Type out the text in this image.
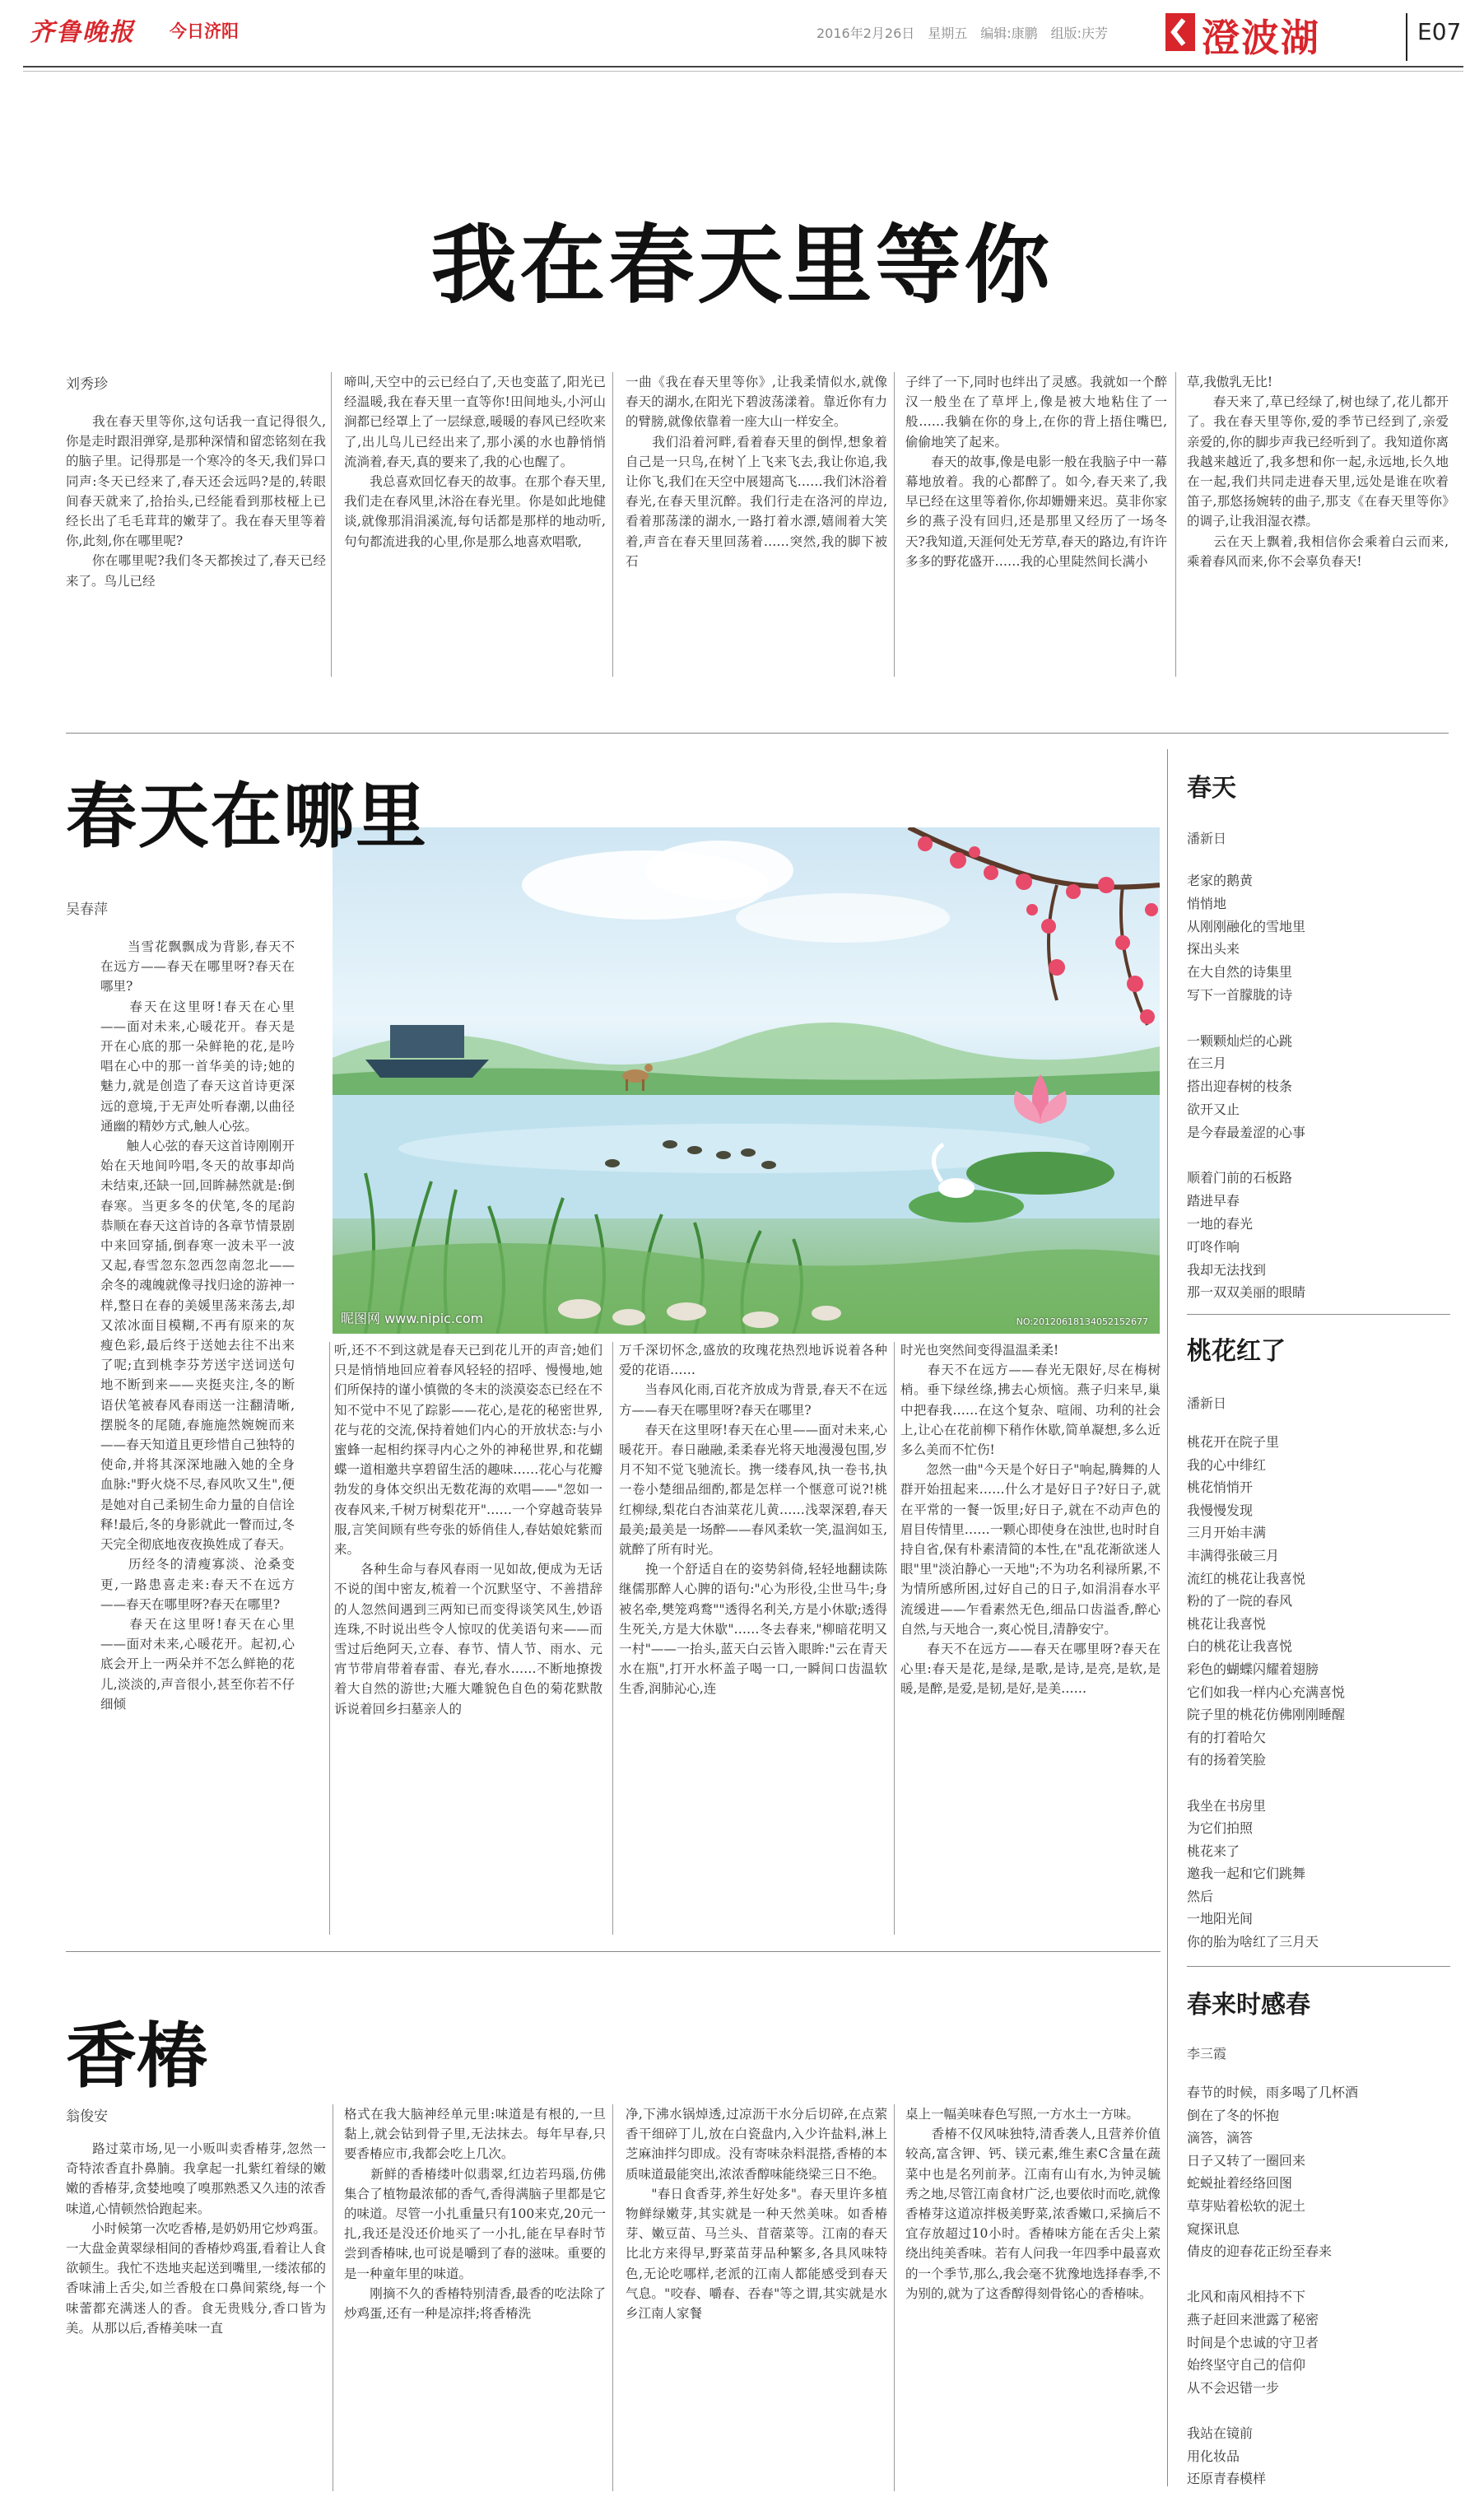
齐鲁晚报	今日济阳	2016年2月26日　星期五　编辑:康鹏　组版:庆芳 澄波湖	E07
我在春天里等你
刘秀珍
　　我在春天里等你,这句话我一直记得很久,你是走时跟泪弹穿,是那种深情和留恋铭刻在我的脑子里。记得那是一个寒冷的冬天,我们异口同声:冬天已经来了,春天还会远吗?是的,转眼间春天就来了,拾抬头,已经能看到那枝桠上已经长出了毛毛茸茸的嫩芽了。我在春天里等着你,此刻,你在哪里呢?
　　你在哪里呢?我们冬天都挨过了,春天已经来了。鸟儿已经
啼叫,天空中的云已经白了,天也变蓝了,阳光已经温暖,我在春天里一直等你!田间地头,小河山涧都已经罩上了一层绿意,暖暖的春风已经吹来了,出儿鸟儿已经出来了,那小溪的水也静悄悄流淌着,春天,真的要来了,我的心也醒了。
　　我总喜欢回忆春天的故事。在那个春天里,我们走在春风里,沐浴在春光里。你是如此地健谈,就像那涓涓溪流,每句话都是那样的地动听,句句都流进我的心里,你是那么地喜欢唱歌,
一曲《我在春天里等你》,让我柔情似水,就像春天的湖水,在阳光下碧波荡漾着。靠近你有力的臂膀,就像依靠着一座大山一样安全。
　　我们沿着河畔,看着春天里的倒悍,想象着自己是一只鸟,在树丫上飞来飞去,我让你追,我让你飞,我们在天空中展翅高飞……我们沐浴着春光,在春天里沉醉。我们行走在洛河的岸边,看着那荡漾的湖水,一路打着水漂,嬉闹着大笑着,声音在春天里回荡着……突然,我的脚下被石
子绊了一下,同时也绊出了灵感。我就如一个醉汉一般坐在了草坪上,像是被大地粘住了一般……我躺在你的身上,在你的背上捂住嘴巴,偷偷地笑了起来。
　　春天的故事,像是电影一般在我脑子中一幕幕地放着。我的心都醉了。如今,春天来了,我早已经在这里等着你,你却姗姗来迟。莫非你家乡的燕子没有回归,还是那里又经历了一场冬天?我知道,天涯何处无芳草,春天的路边,有许许多多的野花盛开……我的心里陡然间长满小
草,我傲乳无比!
　　春天来了,草已经绿了,树也绿了,花儿都开了。我在春天里等你,爱的季节已经到了,亲爱亲爱的,你的脚步声我已经听到了。我知道你离我越来越近了,我多想和你一起,永远地,长久地在一起,我们共同走进春天里,远处是谁在吹着笛子,那悠扬婉转的曲子,那支《在春天里等你》的调子,让我泪湿衣襟。
　　云在天上飘着,我相信你会乘着白云而来,乘着春风而来,你不会辜负春天!
春天在哪里
昵图网 www.nipic.com	NO:20120618134052152677
吴春萍
　　当雪花飘飘成为背影,春天不在远方——春天在哪里呀?春天在哪里?
　　春天在这里呀!春天在心里——面对未来,心暖花开。春天是开在心底的那一朵鲜艳的花,是吟唱在心中的那一首华美的诗;她的魅力,就是创造了春天这首诗更深远的意境,于无声处听春潮,以曲径通幽的精妙方式,触人心弦。
　　触人心弦的春天这首诗刚刚开始在天地间吟唱,冬天的故事却尚未结束,还缺一回,回眸赫然就是:倒春寒。当更多冬的伏笔,冬的尾韵恭顺在春天这首诗的各章节情景剧中来回穿插,倒春寒一波未平一波又起,春雪忽东忽西忽南忽北——余冬的魂魄就像寻找归途的游神一样,整日在春的美媛里荡来荡去,却又浓冰面目模糊,不再有原来的灰瘦色彩,最后终于送她去往不出来了呢;直到桃李芬芳送宇送词送句地不断到来——夹挺夹注,冬的断语伏笔被春风春雨送一注翻清晰,摆脱冬的尾随,春施施然婉婉而来——春天知道且更珍惜自己独特的使命,并将其深深地融入她的全身血脉:"野火烧不尽,春风吹又生",便是她对自己柔韧生命力量的自信诠释!最后,冬的身影就此一瞥而过,冬天完全彻底地夜夜换姓成了春天。
　　历经冬的清瘦寡淡、沧桑变更,一路患喜走来:春天不在远方——春天在哪里呀?春天在哪里?
　　春天在这里呀!春天在心里——面对未来,心暖花开。起初,心底会开上一两朵并不怎么鲜艳的花儿,淡淡的,声音很小,甚至你若不仔细倾
听,还不不到这就是春天已到花儿开的声音;她们只是悄悄地回应着春风轻轻的招呼、慢慢地,她们所保持的谨小慎微的冬末的淡漠姿态已经在不知不觉中不见了踪影——花心,是花的秘密世界,花与花的交流,保持着她们内心的开放状态:与小蜜蜂一起相约探寻内心之外的神秘世界,和花蝴蝶一道相邀共享碧留生活的趣味……花心与花瓣勃发的身体交织出无数花海的欢唱——"忽如一夜春风来,千树万树梨花开"……一个穿越奇装异服,言笑间顾有些夸张的娇俏佳人,春姑娘姹紫而来。
　　各种生命与春风春雨一见如故,便成为无话不说的闺中密友,梳着一个沉默坚守、不善措辞的人忽然间遇到三两知已而变得谈笑风生,妙语连珠,不时说出些令人惊叹的优美语句来——而雪过后绝阿天,立春、春节、情人节、雨水、元宵节带肩带着春雷、春光,春水……不断地撩拨着大自然的游世;大雁大雕貌色自色的菊花默散诉说着回乡扫墓亲人的
万千深切怀念,盛放的玫瑰花热烈地诉说着各种爱的花语……
　　当春风化雨,百花齐放成为背景,春天不在远方——春天在哪里呀?春天在哪里?
　　春天在这里呀!春天在心里——面对未来,心暖花开。春日融融,柔柔春光将天地漫漫包围,岁月不知不觉飞驰流长。携一缕春风,执一卷书,执一卷小楚细品细酌,都是怎样一个惬意可说?!桃红柳绿,梨花白杏油菜花儿黄……浅翠深碧,春天最美;最美是一场醉——春风柔软一笑,温润如玉,就醉了所有时光。
　　挽一个舒适自在的姿势斜倚,轻轻地翻读陈继儒那醉人心脾的语句:"心为形役,尘世马牛;身被名牵,樊笼鸡鹜""透得名利关,方是小休歇;透得生死关,方是大休歇"……冬去春来,"柳暗花明又一村"——一抬头,蓝天白云皆入眼眸:"云在青天水在瓶",打开水杯盖子喝一口,一瞬间口齿温软生香,润肺沁心,连
时光也突然间变得温温柔柔!
　　春天不在远方——春光无限好,尽在梅树梢。垂下绿丝绦,拂去心烦恼。燕子归来早,巢中把春我……在这个复杂、喧闹、功利的社会上,让心在花前柳下稍作休歇,简单凝想,多么近多么美而不忙伤!
　　忽然一曲"今天是个好日子"响起,腾舞的人群开始扭起来……什么才是好日子?好日子,就在平常的一餐一饭里;好日子,就在不动声色的眉目传情里……一颗心即使身在浊世,也时时自持自省,保有朴素清简的本性,在"乱花渐欲迷人眼"里"淡泊静心一天地";不为功名利禄所累,不为情所感所困,过好自己的日子,如涓涓春水平流缓进——乍看素然无色,细品口齿溢香,醉心自然,与天地合一,爽心悦目,清静安宁。
　　春天不在远方——春天在哪里呀?春天在心里:春天是花,是绿,是歌,是诗,是亮,是软,是暖,是醉,是爱,是韧,是好,是美……
香椿
翁俊安
　　路过菜市场,见一小贩叫卖香椿芽,忽然一奇特浓香直扑鼻腩。我拿起一扎紫红着绿的嫩嫩的香椿芽,贪婪地嗅了嗅那熟悉又久违的浓香味道,心情顿然恰跑起来。
　　小时候第一次吃香椿,是奶奶用它炒鸡蛋。一大盘金黄翠绿相间的香椿炒鸡蛋,看着让人食欲顿生。我忙不迭地夹起送到嘴里,一缕浓郁的香味浦上舌尖,如兰香般在口鼻间萦绕,每一个味蕾都充满迷人的香。食无贵贱分,香口皆为美。从那以后,香椿美味一直
格式在我大脑神经单元里:味道是有根的,一旦黏上,就会钻到骨子里,无法抹去。每年早春,只要香椿应市,我都会吃上几次。
　　新鲜的香椿缕叶似翡翠,红边若玛瑙,仿佛集合了植物最浓郁的香气,香得满脑子里都是它的味道。尽管一小扎重量只有100来克,20元一扎,我还是没还价地买了一小扎,能在早春时节尝到香椿味,也可说是嚼到了春的滋味。重要的是一种童年里的味道。
　　刚摘不久的香椿特别清香,最香的吃法除了炒鸡蛋,还有一种是凉拌;将香椿洗
净,下沸水锅焯透,过凉沥干水分后切碎,在点萦香干细碎丁儿,放在白瓷盘内,入少许盐料,淋上芝麻油拌匀即成。没有寄味杂料混搭,香椿的本质味道最能突出,浓浓香醇味能绕梁三日不绝。
　　"春日食香芽,养生好处多"。春天里许多植物鲜绿嫩芽,其实就是一种天然美味。如香椿芽、嫩豆苗、马兰头、苜蓿菜等。江南的春天比北方来得早,野菜苗芽品种繁多,各具风味特色,无论吃哪样,老派的江南人都能感受到春天气息。"咬春、嚼春、吞春"等之谓,其实就是水乡江南人家餐
桌上一幅美味春色写照,一方水土一方味。
　　香椿不仅风味独特,清香袭人,且营养价值较高,富含钾、钙、镁元素,维生素C含量在蔬菜中也是名列前茅。江南有山有水,为钟灵毓秀之地,尽管江南食材广泛,也要依时而吃,就像香椿芽这道凉拌极美野菜,浓香嫩口,采摘后不宜存放超过10小时。香椿味方能在舌尖上萦绕出纯美香味。若有人问我一年四季中最喜欢的一个季节,那么,我会毫不犹豫地选择春季,不为别的,就为了这香醇得刻骨铭心的香椿味。
春天
潘新日
老家的鹅黄
悄悄地
从刚刚融化的雪地里
探出头来
在大自然的诗集里
写下一首朦胧的诗

一颗颗灿烂的心跳
在三月
搭出迎春树的枝条
欲开又止
是今春最羞涩的心事

顺着门前的石板路
踏进早春
一地的春光
叮咚作响
我却无法找到
那一双双美丽的眼睛
桃花红了
潘新日
桃花开在院子里
我的心中绯红
桃花悄悄开
我慢慢发现
三月开始丰满
丰满得张破三月
流红的桃花让我喜悦
粉的了一院的春风
桃花让我喜悦
白的桃花让我喜悦
彩色的蝴蝶闪耀着翅膀
它们如我一样内心充满喜悦
院子里的桃花仿佛刚刚睡醒
有的打着哈欠
有的扬着笑脸

我坐在书房里
为它们拍照
桃花来了
邀我一起和它们跳舞
然后
一地阳光间
你的胎为啥红了三月天
春来时感春
李三霞
春节的时候，雨多喝了几杯酒
倒在了冬的怀抱
滴答，滴答
日子又转了一圈回来
蛇蜕扯着经络回图
草芽贴着松软的泥土
窥探讯息
倩皮的迎春花正纷至春来

北风和南风相持不下
燕子赶回来泄露了秘密
时间是个忠诚的守卫者
始终坚守自己的信仰
从不会迟错一步

我站在镜前
用化妆品
还原青春模样
